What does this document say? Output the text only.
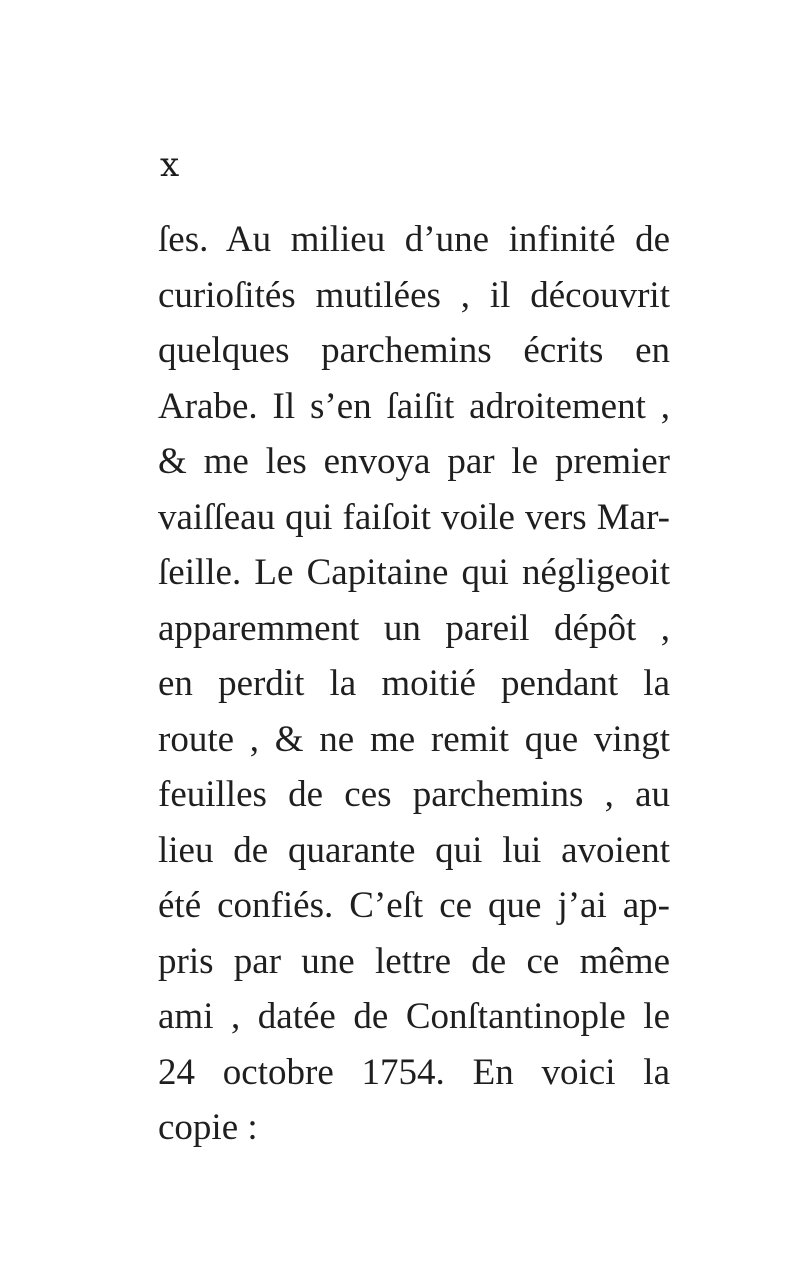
x
ſes. Au milieu d’une infinité de
curioſités mutilées , il découvrit
quelques parchemins écrits en
Arabe. Il s’en ſaiſit adroitement ,
& me les envoya par le premier
vaiſſeau qui faiſoit voile vers Mar-
ſeille. Le Capitaine qui négligeoit
apparemment un pareil dépôt ,
en perdit la moitié pendant la
route , & ne me remit que vingt
feuilles de ces parchemins , au
lieu de quarante qui lui avoient
été confiés. C’eſt ce que j’ai ap-
pris par une lettre de ce même
ami , datée de Conſtantinople le
24 octobre 1754. En voici la
copie :
